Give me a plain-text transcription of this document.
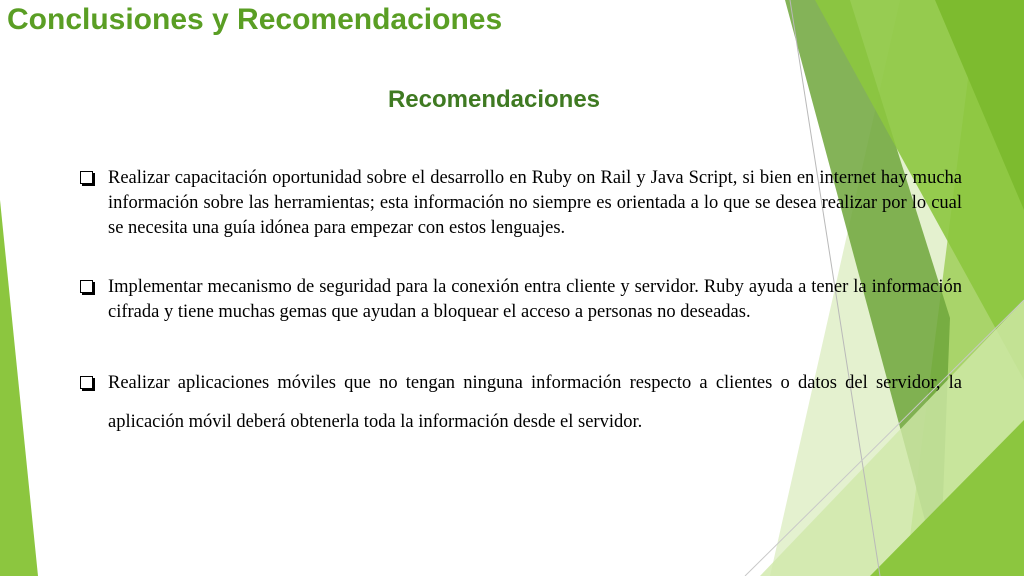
Conclusiones y Recomendaciones
Recomendaciones
Realizar capacitación oportunidad sobre el desarrollo en Ruby on Rail y Java Script, si bien en internet hay mucha información sobre las herramientas; esta información no siempre es orientada a lo que se desea realizar por lo cual se necesita una guía idónea para empezar con estos lenguajes.
Implementar mecanismo de seguridad para la conexión entra cliente y servidor. Ruby ayuda a tener la información cifrada y tiene muchas gemas que ayudan a bloquear el acceso a personas no deseadas.
Realizar aplicaciones móviles que no tengan ninguna información respecto a clientes o datos del servidor, la aplicación móvil deberá obtenerla toda la información desde el servidor.
